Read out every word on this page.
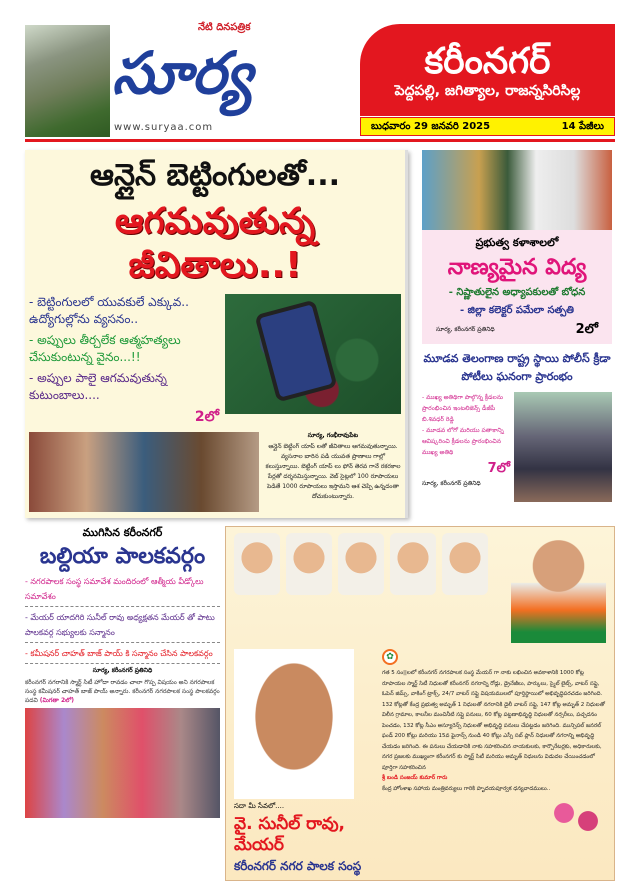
నేటి దినపత్రిక
సూర్య
www.suryaa.com
కరీంనగర్
పెద్దపల్లి, జగిత్యాల, రాజన్నసిరిసిల్ల
బుధవారం 29 జనవరి 2025	14 పేజీలు
ఆన్లైన్ బెట్టింగులతో...
ఆగమవుతున్న జీవితాలు..!
- బెట్టింగులలో యువకులే ఎక్కువ.. ఉద్యోగుల్లోను వ్యసనం..
- అప్పులు తీర్చలేక ఆత్మహత్యలు చేసుకుంటున్న వైనం...!!
- అప్పుల పాలై ఆగమవుతున్న కుటుంబాలు....
2లో
సూర్య, గంభీరావుపేట
ఆన్లైన్ బెట్టింగ్ యాప్ లతో జీవితాలు ఆగమవుతున్నాయి. వ్యసనాల బారిన పడి యువత ప్రాణాలు గాల్లో కలుస్తున్నాయి. బెట్టింగ్ యాప్ లు ఫోన్ తెరవ గానే రకరకాల పేర్లతో దర్శనమిస్తున్నాయి. వెబ్ సైట్లలో 100 రూపాయలు పెడితే 1000 రూపాయలు ఇస్తామని ఆశ చెప్పి ఉన్నదంతా దోచుకుంటున్నారు.
ప్రభుత్వ కళాశాలలో
నాణ్యమైన విద్య
- నిష్ణాతులైన అధ్యాపకులతో బోధన
- జిల్లా కలెక్టర్ పమేలా సత్పతి
సూర్య, కరీంనగర్ ప్రతినిధి	2లో
మూడవ తెలంగాణ రాష్ట్ర స్థాయి పోలీస్ క్రీడా పోటీలు ఘనంగా ప్రారంభం
- ముఖ్య అతిథిగా పాల్గొన్న క్రీడలను ప్రారంభించిన ఇంటలిజెన్స్ డీజీపీ బి.శివధర్ రెడ్డి
- మూడవ లోగో మరియు పతాకాన్ని ఆవిష్కరించి క్రీడలను ప్రారంభించిన ముఖ్య అతిథి
7లో
సూర్య, కరీంనగర్ ప్రతినిధి
ముగిసిన కరీంనగర్
బల్దియా పాలకవర్గం
- నగరపాలక సంస్థ సమావేశ మందిరంలో ఆత్మీయ వీడ్కోలు సమావేశం
- మేయర్ యాదగిరి సునీల్ రావు అధ్యక్షతన మేయర్ తో పాటు పాలకవర్గ సభ్యులకు సన్మానం
- కమీషనర్ చాహత్ బాజ్ పాయ్ కి సన్మానం చేసిన పాలకవర్గం
సూర్య, కరీంనగర్ ప్రతినిధి
కరీంనగర్ నగరానికి స్మార్ట్ సిటీ హోదా రావడం చాలా గొప్ప విషయం అని నగరపాలక సంస్థ కమీషనర్ చాహత్ బాజ్ పాయ్ అన్నారు. కరీంనగర్ నగరపాలక సంస్థ పాలకవర్గం పదవి (మిగతా 2లో)
సదా మీ సేవలో....
వై. సునీల్ రావు, మేయర్
కరీంనగర్ నగర పాలక సంస్థ
✿

గత 5 సం||లలో కరీంనగర్ నగరపాలక సంస్థ మేయర్ గా నాకు లభించిన అవకాశానికి 1000 కోట్ల రూపాయల స్మార్ట్ సిటీ నిధులతో కరీంనగర్ నగరాన్ని రోడ్లు, డ్రైనేజీలు, పార్కులు, స్మైల్ లైట్స్, వాటర్ సప్లై, ఓపెన్ జిమ్స్, వాకింగ్ ట్రాక్స్, 24/7 వాటర్ సప్లై విషయములలో పూర్తిస్థాయిలో అభివృద్ధిపరచడం జరిగింది.

132 కోట్లతో కేంద్ర ప్రభుత్వ అమృత్ 1 నిధులతో నగరానికి డైలీ వాటర్ సప్లై, 147 కోట్ల అమృత్ 2 నిధులతో విలీన గ్రామాల, కాలనీల మంచినీటి సప్లై పనులు, 60 కోట్ల పట్టణాభివృద్ధి నిధులతో నర్సరీలు, పచ్చదనం పెంచడం, 132 కోట్ల సీఎం అస్యూరెన్స్ నిధులతో అభివృద్ధి పనులు చేపట్టడం జరిగింది. మున్సిపల్ జనరల్ ఫండ్ 200 కోట్లు మరియు 15వ ఫైనాన్స్ నుండి 40 కోట్లు ఎస్సీ సబ్ ప్లాన్ నిధులతో నగరాన్ని అభివృద్ధి చేయడం జరిగింది. ఈ పనులు చేయడానికి నాకు సహకరించిన నాయకులకు, కార్పొరేటర్లకు, అధికారులకు, నగర ప్రజలకు ముఖ్యంగా కరీంనగర్ కు స్మార్ట్ సిటీ మరియు అమృత్ నిధులను విడుదల చేయించడంలో పూర్తిగా సహకరించిన

శ్రీ బండి సంజయ్ కుమార్ గారు

కేంద్ర హోంశాఖ సహాయ మంత్రివర్యులు గారికి హృదయపూర్వక ధన్యవాదములు..
